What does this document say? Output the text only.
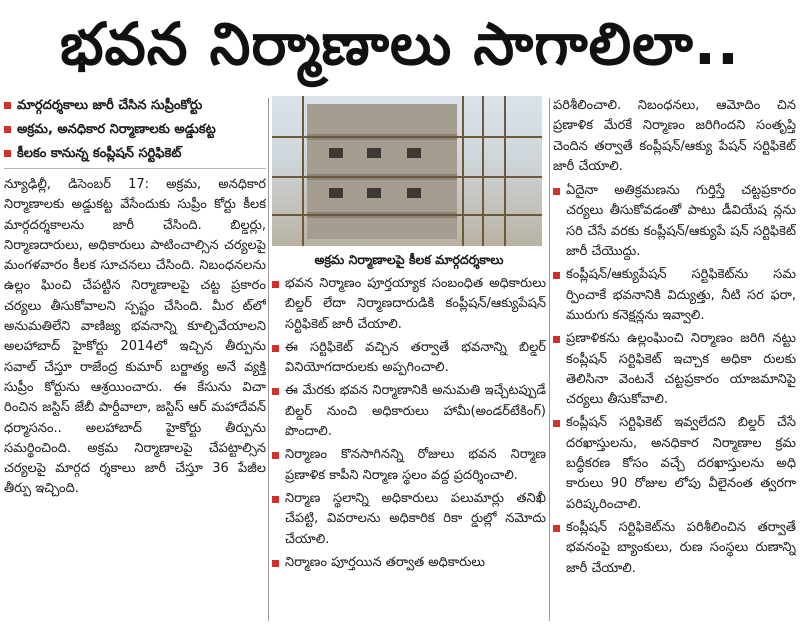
భవన నిర్మాణాలు సాగాలిలా..
మార్గదర్శకాలు జారీ చేసిన సుప్రీంకోర్టు
అక్రమ, అనధికార నిర్మాణాలకు అడ్డుకట్ట
కీలకం కానున్న కంప్లీషన్ సర్టిఫికెట్

న్యూఢిల్లీ, డిసెంబర్ 17: అక్రమ, అనధికార నిర్మాణాలకు అడ్డుకట్ట వేసేందుకు సుప్రీం కోర్టు కీలక మార్గదర్శకాలను జారీ చేసింది. బిల్డర్లు, నిర్మాణదారులు, అధికారులు పాటించాల్సిన చర్యలపై మంగళవారం కీలక సూచనలు చేసింది. నిబంధనలను ఉల్లం ఘించి చేపట్టిన నిర్మాణాలపై చట్ట ప్రకారం చర్యలు తీసుకోవాలని స్పష్టం చేసింది. మీర ట్‌లో అనుమతిలేని వాణిజ్య భవనాన్ని కూల్చివేయాలని అలహాబాద్ హైకోర్టు 2014లో ఇచ్చిన తీర్పును సవాల్ చేస్తూ రాజేంద్ర కుమార్ బర్జాత్య అనే వ్యక్తి సుప్రీం కోర్టును ఆశ్రయించారు. ఈ కేసును విచా రించిన జస్టిస్ జేబీ పార్దీవాలా, జస్టిస్ ఆర్ మహాదేవన్ ధర్మాసనం.. అలహాబాద్ హైకోర్టు తీర్పును సమర్థించింది. అక్రమ నిర్మాణాలపై చేపట్టాల్సిన చర్యలపై మార్గద ర్శకాలు జారీ చేస్తూ 36 పేజీల తీర్పు ఇచ్చింది.

అక్రమ నిర్మాణాలపై కీలక మార్గదర్శకాలు
భవన నిర్మాణం పూర్తయ్యాక సంబంధిత అధికారులు బిల్డర్ లేదా నిర్మాణదారుడికి కంప్లీషన్/ఆక్యుపేషన్ సర్టిఫికెట్ జారీ చేయాలి.
ఈ సర్టిఫికెట్ వచ్చిన తర్వాతే భవనాన్ని బిల్డర్ వినియోగదారులకు అప్పగించాలి.
ఈ మేరకు భవన నిర్మాణానికి అనుమతి ఇచ్చేటప్పుడే బిల్డర్ నుంచి అధికారులు హామీ(అండర్‌టేకింగ్) పొందాలి.
నిర్మాణం కొనసాగినన్ని రోజులు భవన నిర్మాణ ప్రణాళిక కాపీని నిర్మాణ స్థలం వద్ద ప్రదర్శించాలి.
నిర్మాణ స్థలాన్ని అధికారులు పలుమార్లు తనిఖీ చేపట్టి, వివరాలను అధికారిక రికా ర్డుల్లో నమోదు చేయాలి.
నిర్మాణం పూర్తయిన తర్వాత అధికారులు

పరిశీలించాలి. నిబంధనలు, ఆమోదిం చిన ప్రణాళిక మేరకే నిర్మాణం జరిగిందని సంతృప్తి చెందిన తర్వాతే కంప్లీషన్/ఆక్యు పేషన్ సర్టిఫికెట్ జారీ చేయాలి.

ఏదైనా అతిక్రమణను గుర్తిస్తే చట్టప్రకారం చర్యలు తీసుకోవడంతో పాటు డీవియేష న్లను సరి చేసే వరకు కంప్లీషన్/ఆక్యుపే షన్ సర్టిఫికెట్ జారీ చేయొద్దు.
కంప్లీషన్/ఆక్యుపేషన్ సర్టిఫికెట్‌ను సమ ర్పించాకే భవనానికి విద్యుత్తు, నీటి సర ఫరా, మురుగు కనెక్షన్లను ఇవ్వాలి.
ప్రణాళికను ఉల్లంఘించి నిర్మాణం జరిగి నట్టు కంప్లీషన్ సర్టిఫికెట్ ఇచ్చాక అధికా రులకు తెలిసినా వెంటనే చట్టప్రకారం యాజమానిపై చర్యలు తీసుకోవాలి.
కంప్లీషన్ సర్టిఫికెట్ ఇవ్వలేదని బిల్డర్ చేసే దరఖాస్తులను, అనధికార నిర్మాణాల క్రమ బద్ధీకరణ కోసం వచ్చే దరఖాస్తులను అధి కారులు 90 రోజుల లోపు వీలైనంత త్వరగా పరిష్కరించాలి.
కంప్లీషన్ సర్టిఫికెట్‌ను పరిశీలించిన తర్వాతే భవనంపై బ్యాంకులు, రుణ సంస్థలు రుణాన్ని జారీ చేయాలి.
